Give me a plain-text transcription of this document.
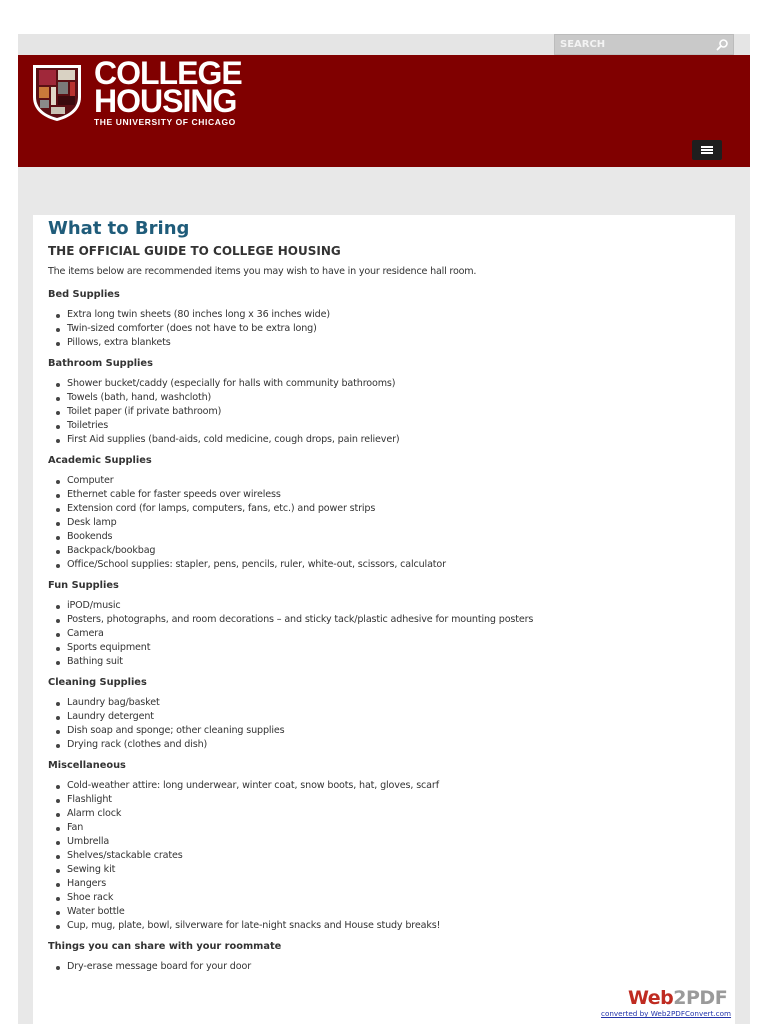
SEARCH
COLLEGE
HOUSING
THE UNIVERSITY OF CHICAGO
What to Bring
THE OFFICIAL GUIDE TO COLLEGE HOUSING
The items below are recommended items you may wish to have in your residence hall room.
Bed Supplies
Extra long twin sheets (80 inches long x 36 inches wide)
Twin-sized comforter (does not have to be extra long)
Pillows, extra blankets
Bathroom Supplies
Shower bucket/caddy (especially for halls with community bathrooms)
Towels (bath, hand, washcloth)
Toilet paper (if private bathroom)
Toiletries
First Aid supplies (band-aids, cold medicine, cough drops, pain reliever)
Academic Supplies
Computer
Ethernet cable for faster speeds over wireless
Extension cord (for lamps, computers, fans, etc.) and power strips
Desk lamp
Bookends
Backpack/bookbag
Office/School supplies: stapler, pens, pencils, ruler, white-out, scissors, calculator
Fun Supplies
iPOD/music
Posters, photographs, and room decorations – and sticky tack/plastic adhesive for mounting posters
Camera
Sports equipment
Bathing suit
Cleaning Supplies
Laundry bag/basket
Laundry detergent
Dish soap and sponge; other cleaning supplies
Drying rack (clothes and dish)
Miscellaneous
Cold-weather attire: long underwear, winter coat, snow boots, hat, gloves, scarf
Flashlight
Alarm clock
Fan
Umbrella
Shelves/stackable crates
Sewing kit
Hangers
Shoe rack
Water bottle
Cup, mug, plate, bowl, silverware for late-night snacks and House study breaks!
Things you can share with your roommate
Dry-erase message board for your door
Web2PDF
converted by Web2PDFConvert.com
